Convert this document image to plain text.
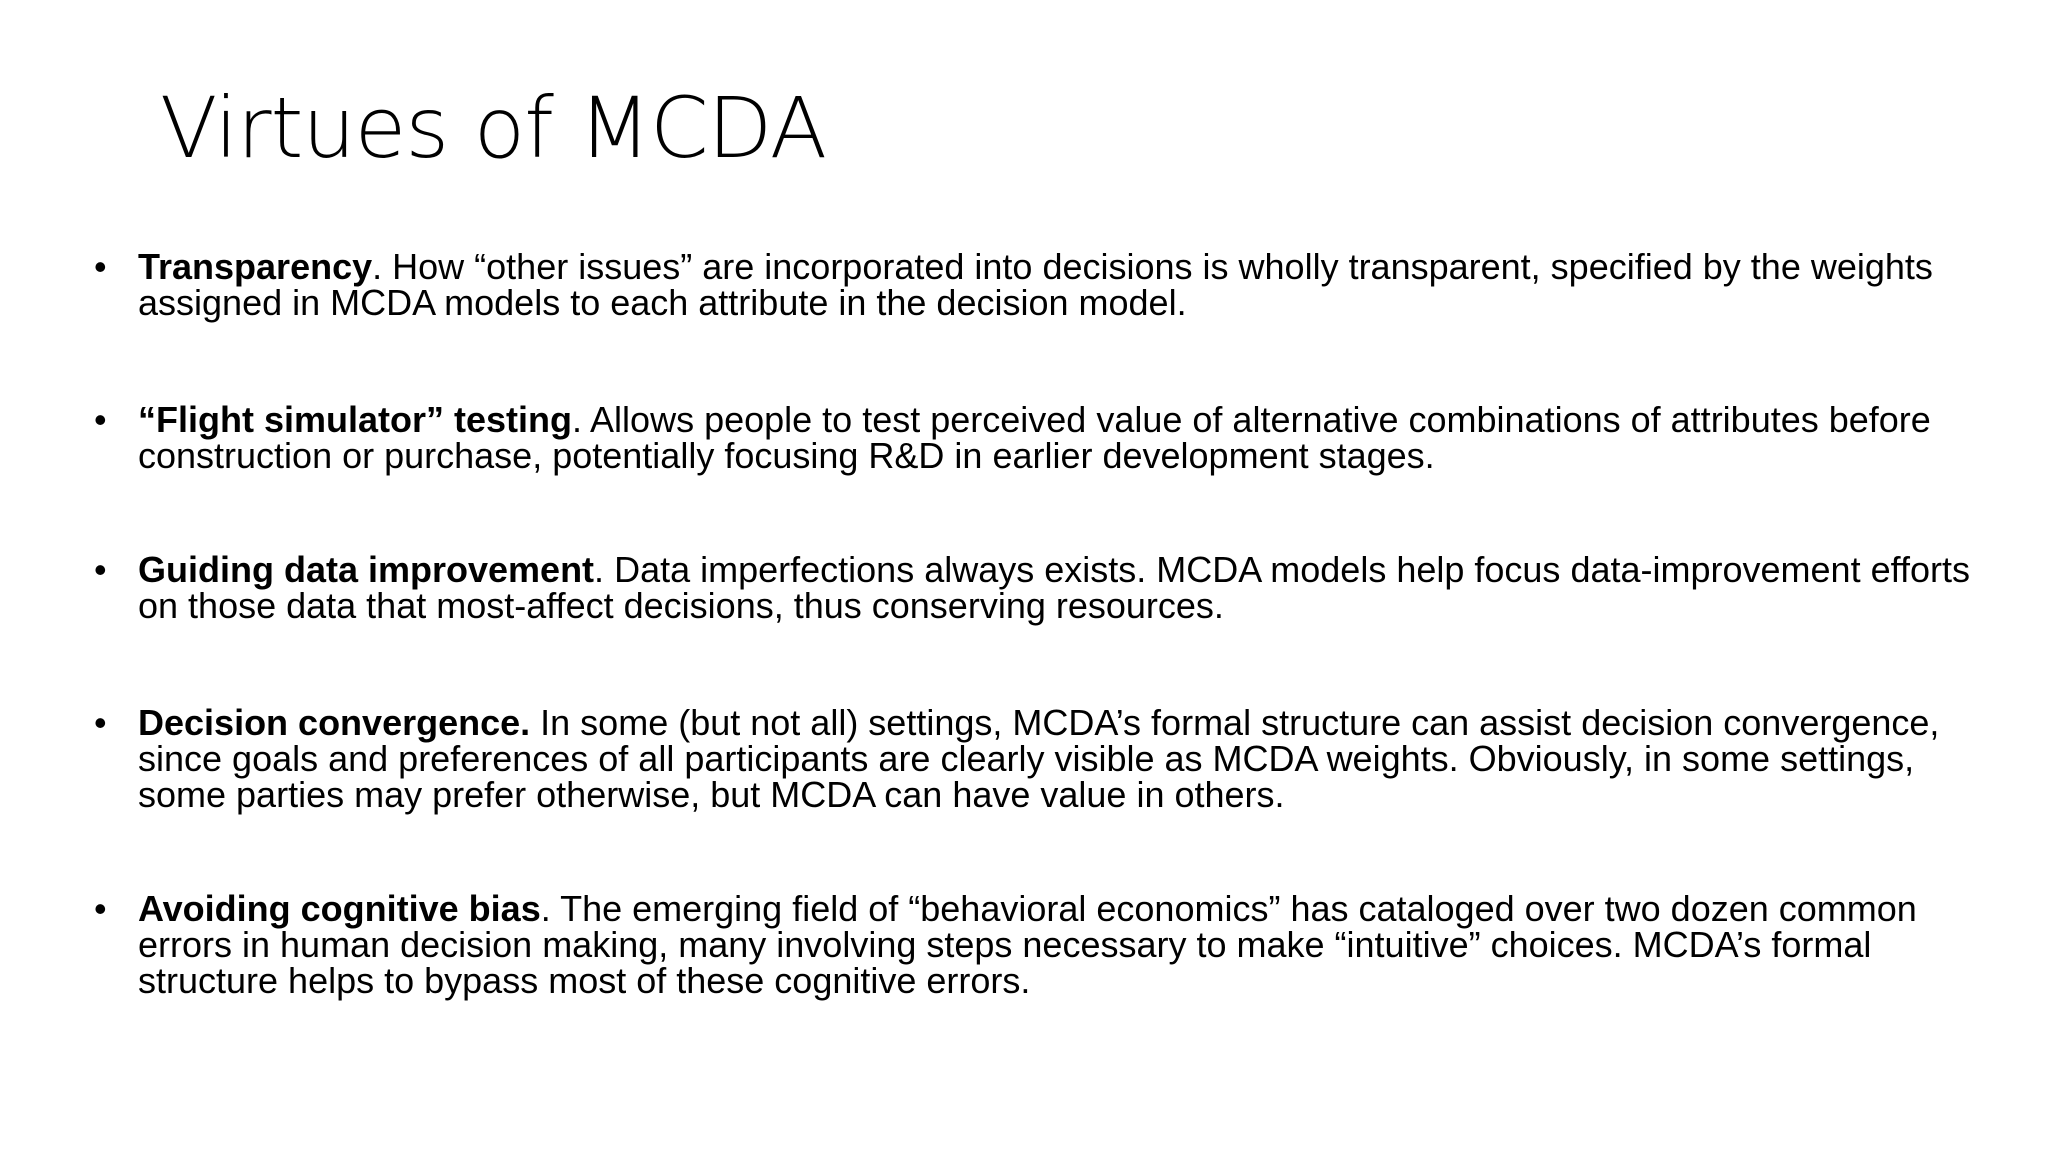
Virtues of MCDA
• Transparency. How “other issues” are incorporated into decisions is wholly transparent, specified by the weights assigned in MCDA models to each attribute in the decision model.
• “Flight simulator” testing. Allows people to test perceived value of alternative combinations of attributes before construction or purchase, potentially focusing R&D in earlier development stages.
• Guiding data improvement. Data imperfections always exists. MCDA models help focus data-improvement efforts on those data that most-affect decisions, thus conserving resources.
• Decision convergence. In some (but not all) settings, MCDA’s formal structure can assist decision convergence, since goals and preferences of all participants are clearly visible as MCDA weights. Obviously, in some settings, some parties may prefer otherwise, but MCDA can have value in others.
• Avoiding cognitive bias. The emerging field of “behavioral economics” has cataloged over two dozen common errors in human decision making, many involving steps necessary to make “intuitive” choices. MCDA’s formal structure helps to bypass most of these cognitive errors.
